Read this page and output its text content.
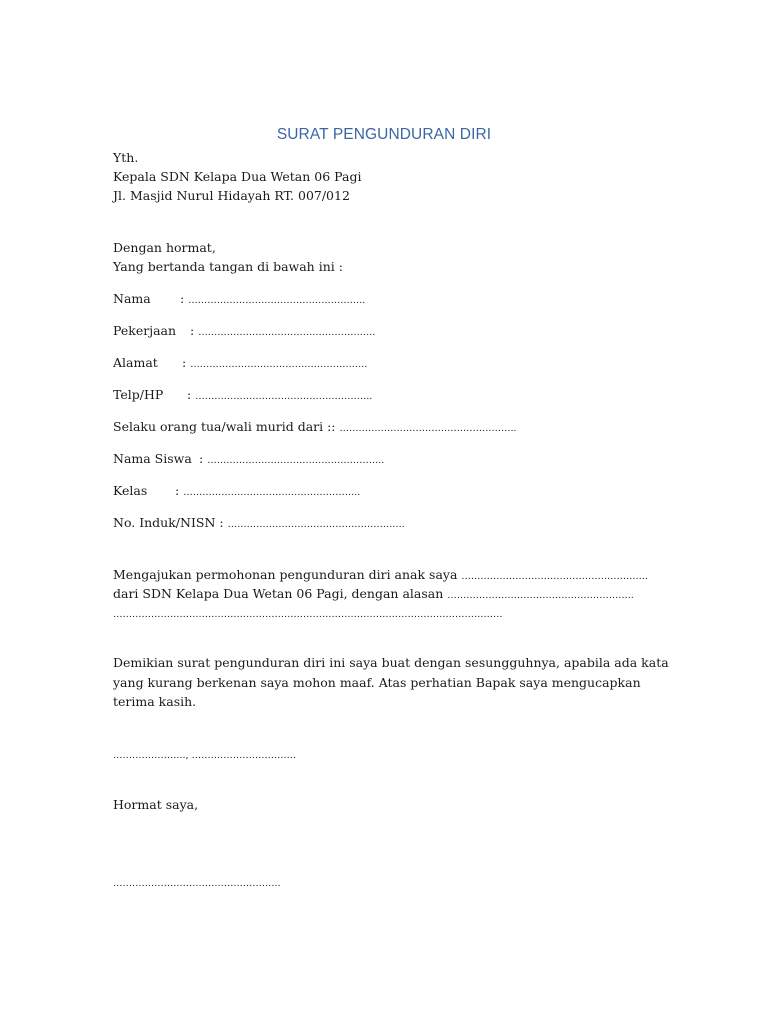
SURAT PENGUNDURAN DIRI
Yth.
Kepala SDN Kelapa Dua Wetan 06 Pagi
Jl. Masjid Nurul Hidayah RT. 007/012
Dengan hormat,
Yang bertanda tangan di bawah ini :
Nama : ………………………………………………..
Pekerjaan : ………………………………………………..
Alamat : ………………………………………………..
Telp/HP : ………………………………………………..
Selaku orang tua/wali murid dari :: ………………………………………………..
Nama Siswa : ………………………………………………..
Kelas : ………………………………………………..
No. Induk/NISN : ………………………………………………..
Mengajukan permohonan pengunduran diri anak saya …………………………………………………..
dari SDN Kelapa Dua Wetan 06 Pagi, dengan alasan …………………………………………………..
……………………………………………………………………………………………………………
Demikian surat pengunduran diri ini saya buat dengan sesungguhnya, apabila ada kata
yang kurang berkenan saya mohon maaf. Atas perhatian Bapak saya mengucapkan
terima kasih.
………………….., ……………………………
Hormat saya,
……………………………………………..
